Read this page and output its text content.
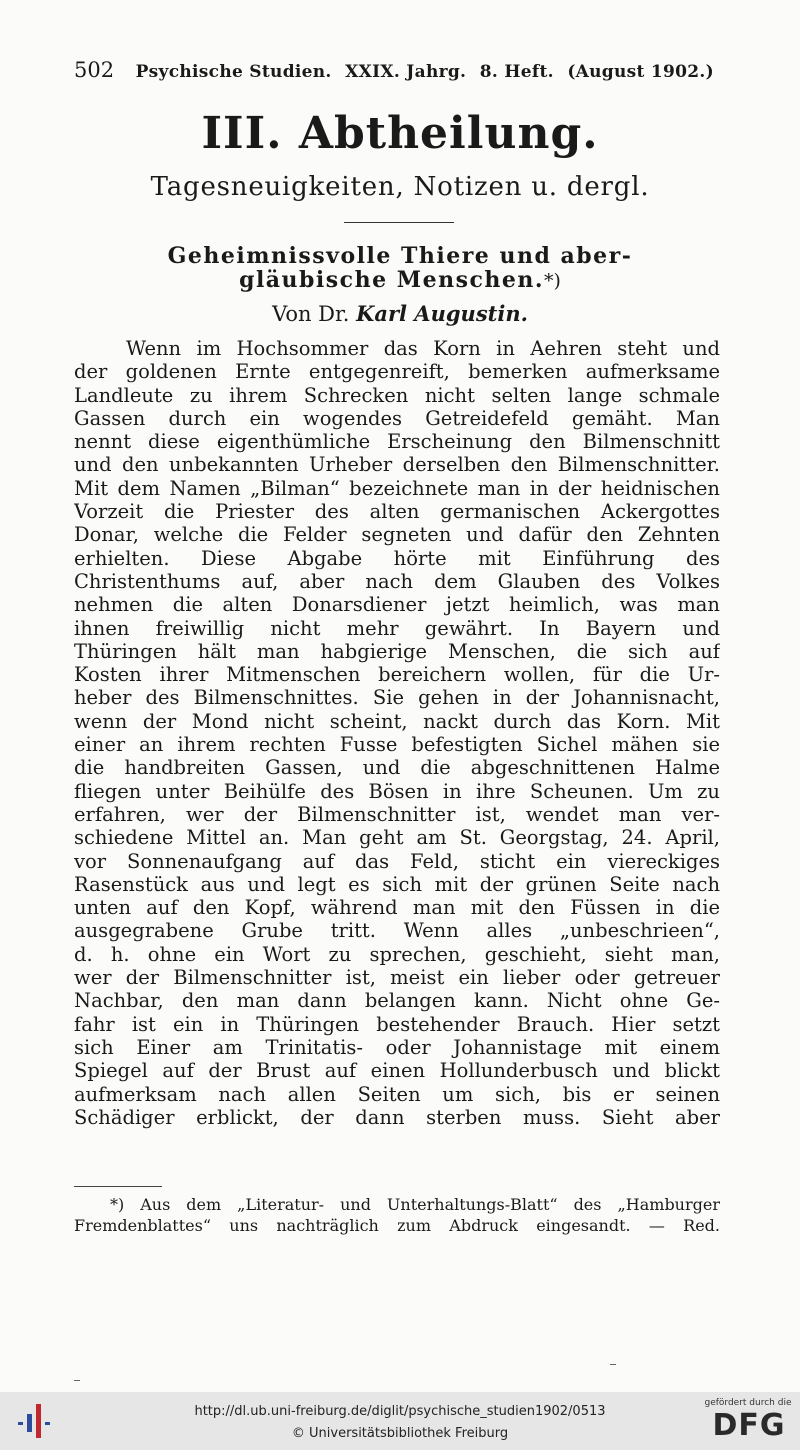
502 Psychische Studien. XXIX. Jahrg. 8. Heft. (August 1902.)
III. Abtheilung.
Tagesneuigkeiten, Notizen u. dergl.
Geheimnissvolle Thiere und aber-
gläubische Menschen.*)
Von Dr. Karl Augustin.
Wenn im Hochsommer das Korn in Aehren steht und
der goldenen Ernte entgegenreift, bemerken aufmerksame
Landleute zu ihrem Schrecken nicht selten lange schmale
Gassen durch ein wogendes Getreidefeld gemäht. Man
nennt diese eigenthümliche Erscheinung den Bilmenschnitt
und den unbekannten Urheber derselben den Bilmenschnitter.
Mit dem Namen „Bilman“ bezeichnete man in der heidnischen
Vorzeit die Priester des alten germanischen Ackergottes
Donar, welche die Felder segneten und dafür den Zehnten
erhielten. Diese Abgabe hörte mit Einführung des
Christenthums auf, aber nach dem Glauben des Volkes
nehmen die alten Donarsdiener jetzt heimlich, was man
ihnen freiwillig nicht mehr gewährt. In Bayern und
Thüringen hält man habgierige Menschen, die sich auf
Kosten ihrer Mitmenschen bereichern wollen, für die Ur-
heber des Bilmenschnittes. Sie gehen in der Johannisnacht,
wenn der Mond nicht scheint, nackt durch das Korn. Mit
einer an ihrem rechten Fusse befestigten Sichel mähen sie
die handbreiten Gassen, und die abgeschnittenen Halme
fliegen unter Beihülfe des Bösen in ihre Scheunen. Um zu
erfahren, wer der Bilmenschnitter ist, wendet man ver-
schiedene Mittel an. Man geht am St. Georgstag, 24. April,
vor Sonnenaufgang auf das Feld, sticht ein viereckiges
Rasenstück aus und legt es sich mit der grünen Seite nach
unten auf den Kopf, während man mit den Füssen in die
ausgegrabene Grube tritt. Wenn alles „unbeschrieen“,
d. h. ohne ein Wort zu sprechen, geschieht, sieht man,
wer der Bilmenschnitter ist, meist ein lieber oder getreuer
Nachbar, den man dann belangen kann. Nicht ohne Ge-
fahr ist ein in Thüringen bestehender Brauch. Hier setzt
sich Einer am Trinitatis- oder Johannistage mit einem
Spiegel auf der Brust auf einen Hollunderbusch und blickt
aufmerksam nach allen Seiten um sich, bis er seinen
Schädiger erblickt, der dann sterben muss. Sieht aber
*) Aus dem „Literatur- und Unterhaltungs-Blatt“ des „Hamburger
Fremdenblattes“ uns nachträglich zum Abdruck eingesandt. — Red.
http://dl.ub.uni-freiburg.de/diglit/psychische_studien1902/0513
© Universitätsbibliothek Freiburg
gefördert durch die
DFG
